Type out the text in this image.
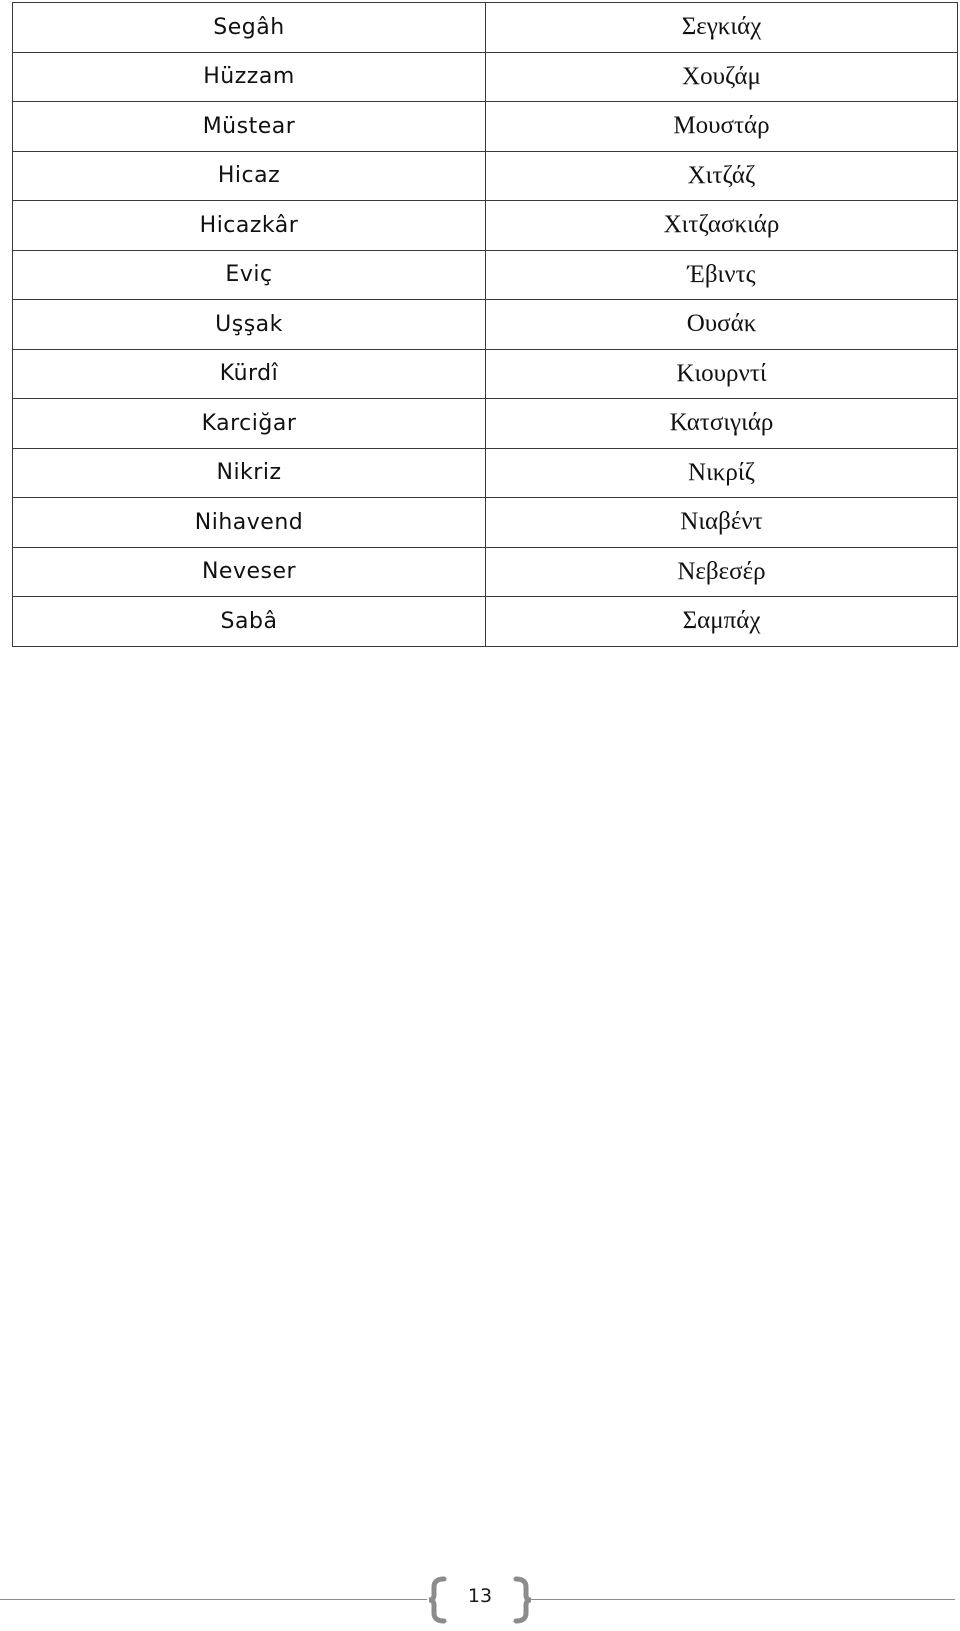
Segâh	Σεγκιάχ
Hüzzam	Χουζάμ
Müstear	Μουστάρ
Hicaz	Χιτζάζ
Hicazkâr	Χιτζασκιάρ
Eviç	Έβιντς
Uşşak	Ουσάκ
Kürdî	Κιουρντί
Karciğar	Κατσιγιάρ
Nikriz	Νικρίζ
Nihavend	Νιαβέντ
Neveser	Νεβεσέρ
Sabâ	Σαμπάχ
13
